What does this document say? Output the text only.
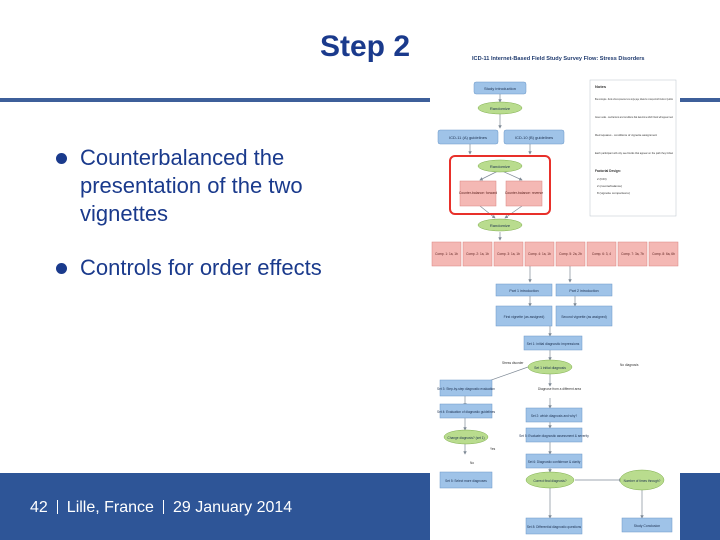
Step 2
Counterbalanced the
presentation of the two
vignettes
Controls for order effects
42 Lille, France 29 January 2014
ICD-11 Internet-Based Field Study Survey Flow: Stress Disorders
Study introduction
Randomize
ICD-11 (A) guidelines	ICD-10 (B) guidelines
Randomize
Counter-balance: forward Counter-balance: reverse
Randomize
Comp. 1: 1a, 1b	Comp. 2: 1a, 1b	Comp. 3: 1a, 1b	Comp. 4: 1a, 1b	Comp. 5: 2a, 2b	Comp. 6: 3, 4	Comp. 7: 3a, 7b	Comp. 8: 6a, 6b
Notes
Blue rectangles - blocks of items presented on a single page; labeled to correspond with blocks in Qualtrics
Green ovals - mechanisms and conditions that determine which block will appear next
Red squares - conditions of vignette assignment
Each participant will only see blocks that appear on the path they follow
Factorial Design:
2 (ICD)
2 (counterbalance)
8 (vignette comparisons)
Part 1 introduction	Part 2 introduction
First vignette (as assigned)	Second vignette (as assigned)
Set 1: initial diagnostic impressions
Set 1 initial diagnosis
Stress disorder	No diagnosis
Diagnose from a different area
Set 3: Step-by-step diagnostic evaluation
Set 4: Evaluation of diagnostic guidelines
Change diagnosis? (set 1)
Set 2: which diagnosis and why?
Set 5: Evaluate diagnostic assessment & severity
Set 6: Diagnostic confidence & clarity
Yes
No
Set 5: Select more diagnoses	Correct final diagnosis?	Number of times through?
Set 8: Differential diagnostic questions	Study Conclusion
